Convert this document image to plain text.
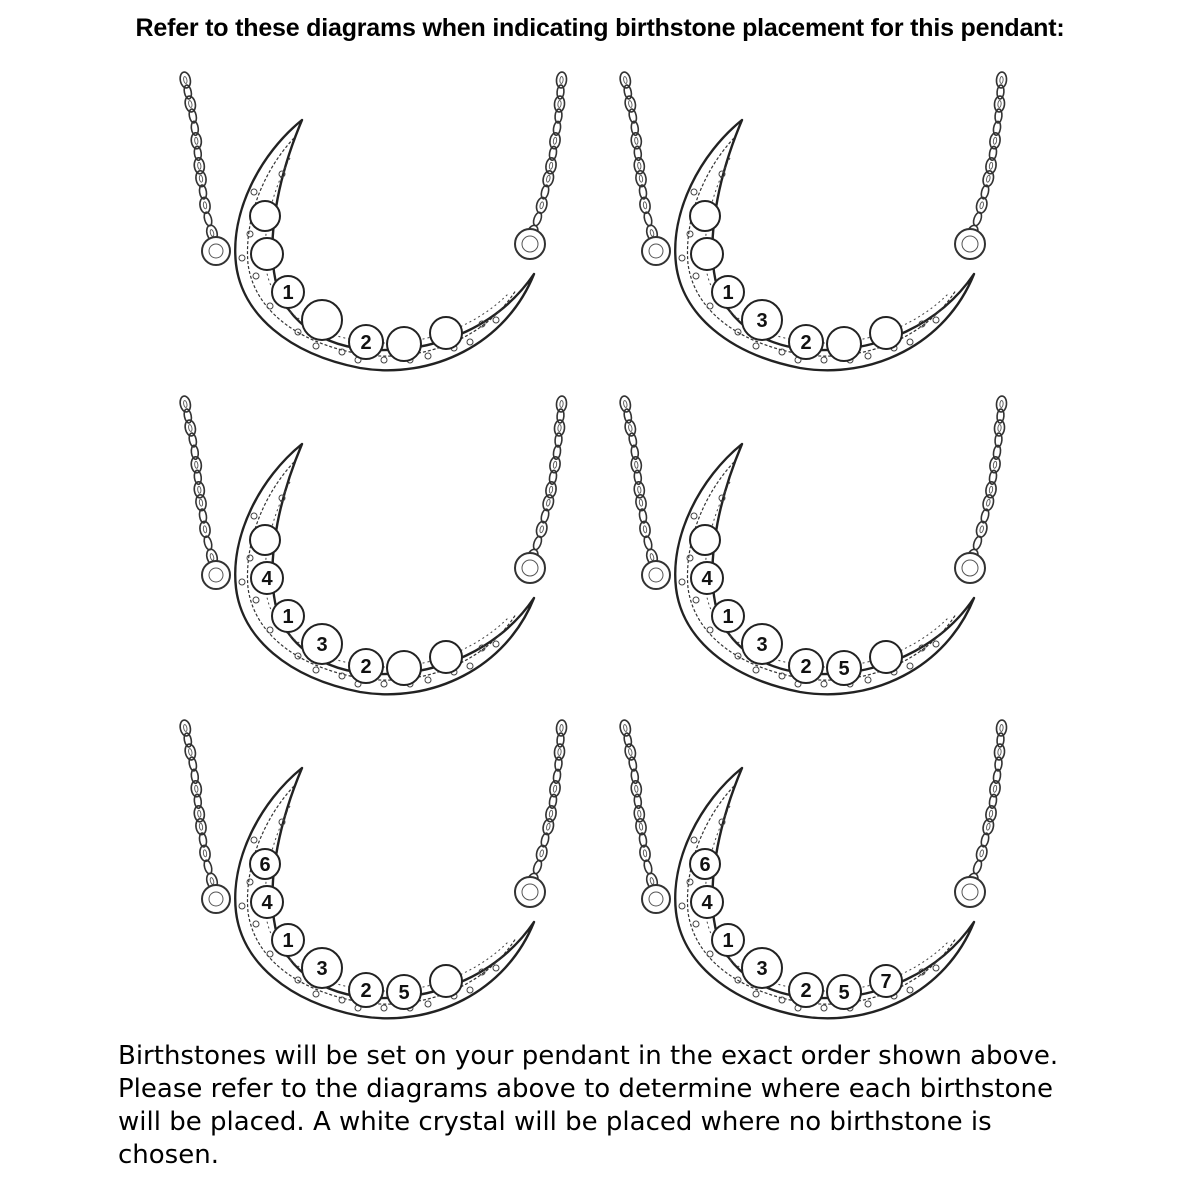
Refer to these diagrams when indicating birthstone placement for this pendant:
1
2
1
3
2
4
1
3
2
4
1
3
2 5
6
4
1
3
2 5
6
4
1
3
2 5 7
Birthstones will be set on your pendant in the exact order shown above. Please refer to the diagrams above to determine where each birthstone will be placed. A white crystal will be placed where no birthstone is chosen.
